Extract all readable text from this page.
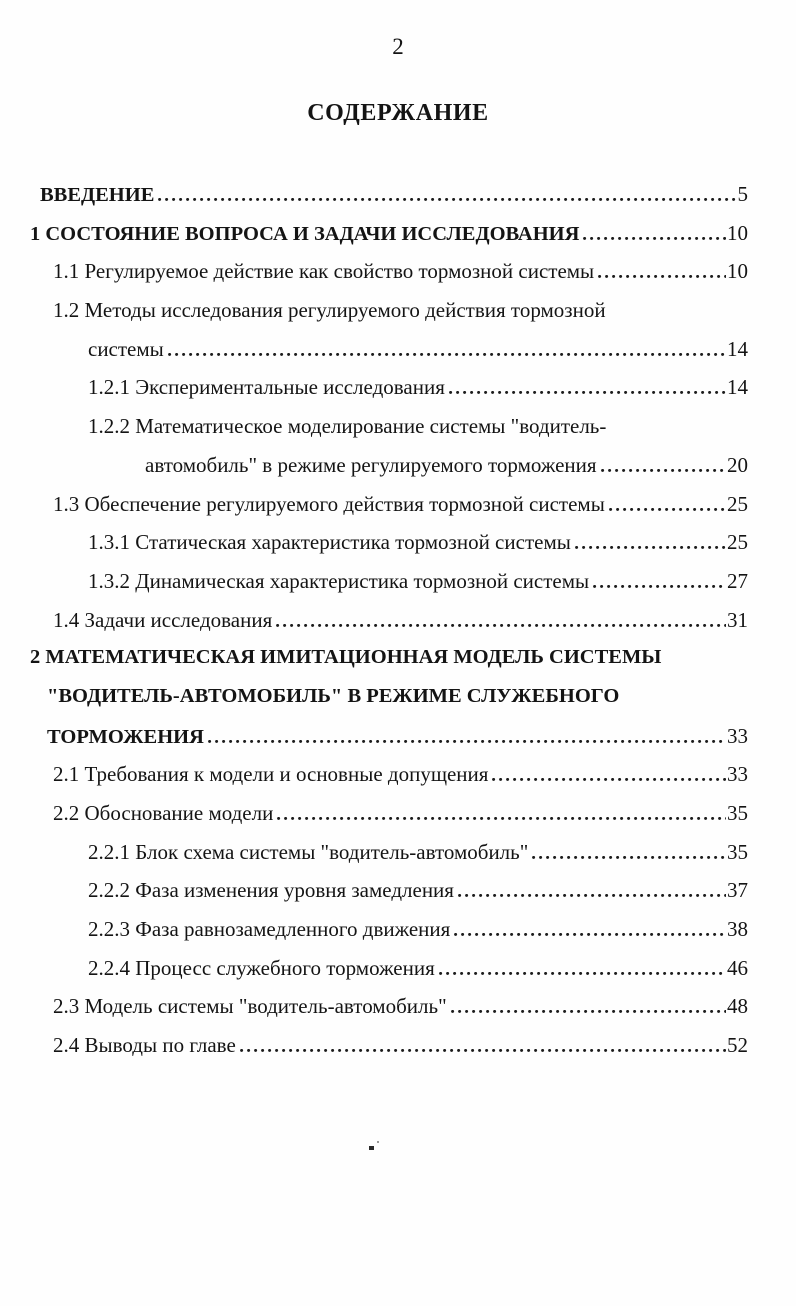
2
СОДЕРЖАНИЕ
ВВЕДЕНИЕ	5
1 СОСТОЯНИЕ ВОПРОСА И ЗАДАЧИ ИССЛЕДОВАНИЯ	10
1.1 Регулируемое действие как свойство тормозной системы	10
1.2 Методы исследования регулируемого действия тормозной
системы	14
1.2.1 Экспериментальные исследования	14
1.2.2 Математическое моделирование системы "водитель-
автомобиль" в режиме регулируемого торможения	20
1.3 Обеспечение регулируемого действия тормозной системы	25
1.3.1 Статическая характеристика тормозной системы	25
1.3.2 Динамическая характеристика тормозной системы	27
1.4 Задачи исследования	31
2 МАТЕМАТИЧЕСКАЯ ИМИТАЦИОННАЯ МОДЕЛЬ СИСТЕМЫ
"ВОДИТЕЛЬ-АВТОМОБИЛЬ" В РЕЖИМЕ СЛУЖЕБНОГО
ТОРМОЖЕНИЯ	33
2.1 Требования к модели и основные допущения	33
2.2 Обоснование модели	35
2.2.1 Блок схема системы "водитель-автомобиль"	35
2.2.2 Фаза изменения уровня замедления	37
2.2.3 Фаза равнозамедленного движения	38
2.2.4 Процесс служебного торможения	46
2.3 Модель системы "водитель-автомобиль"	48
2.4 Выводы по главе	52
